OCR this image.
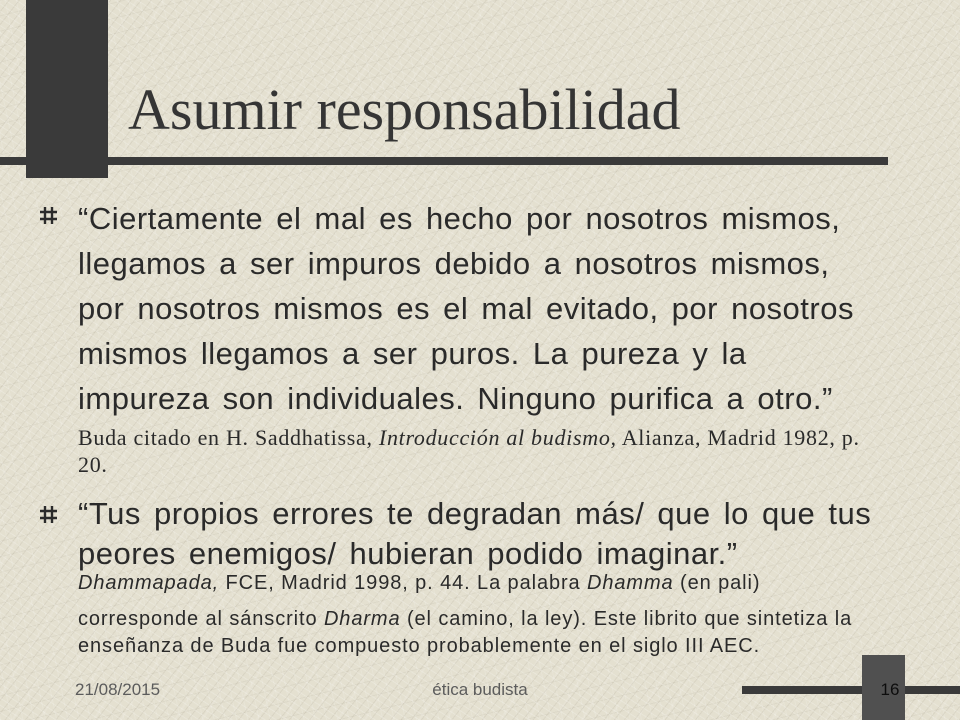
Asumir responsabilidad
“Ciertamente el mal es hecho por nosotros mismos,
llegamos a ser impuros debido a nosotros mismos,
por nosotros mismos es el mal evitado, por nosotros
mismos llegamos a ser puros. La pureza y la
impureza son individuales. Ninguno purifica a otro.”
Buda citado en H. Saddhatissa, Introducción al budismo, Alianza, Madrid 1982, p.
20.
“Tus propios errores te degradan más/ que lo que tus
peores enemigos/ hubieran podido imaginar.”
Dhammapada, FCE, Madrid 1998, p. 44. La palabra Dhamma (en pali)
corresponde al sánscrito Dharma (el camino, la ley). Este librito que sintetiza la
enseñanza de Buda fue compuesto probablemente en el siglo III AEC.
21/08/2015	ética budista	16
